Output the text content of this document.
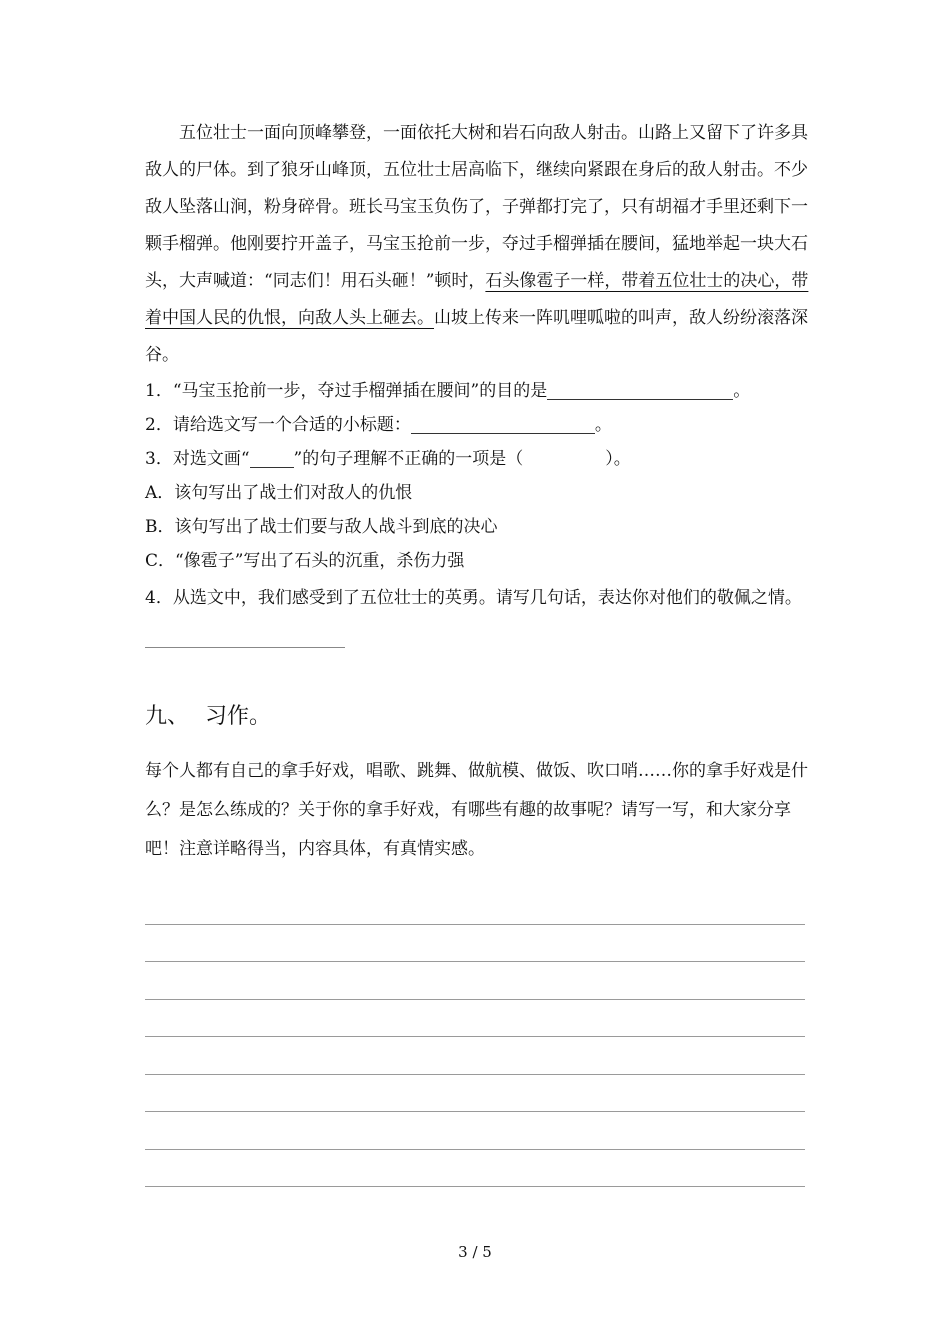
五位壮士一面向顶峰攀登，一面依托大树和岩石向敌人射击。山路上又留下了许多具敌人的尸体。到了狼牙山峰顶，五位壮士居高临下，继续向紧跟在身后的敌人射击。不少敌人坠落山涧，粉身碎骨。班长马宝玉负伤了，子弹都打完了，只有胡福才手里还剩下一颗手榴弹。他刚要拧开盖子，马宝玉抢前一步，夺过手榴弹插在腰间，猛地举起一块大石头，大声喊道：“同志们！用石头砸！”顿时，石头像雹子一样，带着五位壮士的决心，带着中国人民的仇恨，向敌人头上砸去。山坡上传来一阵叽哩呱啦的叫声，敌人纷纷滚落深谷。

1．“马宝玉抢前一步，夺过手榴弹插在腰间”的目的是	。

2．请给选文写一个合适的小标题：	。

3．对选文画“	”的句子理解不正确的一项是（	）。

A．该句写出了战士们对敌人的仇恨

B．该句写出了战士们要与敌人战斗到底的决心

C．“像雹子”写出了石头的沉重，杀伤力强

4．从选文中，我们感受到了五位壮士的英勇。请写几句话，表达你对他们的敬佩之情。

九、 习作。

每个人都有自己的拿手好戏，唱歌、跳舞、做航模、做饭、吹口哨……你的拿手好戏是什么？是怎么练成的？关于你的拿手好戏，有哪些有趣的故事呢？请写一写，和大家分享吧！注意详略得当，内容具体，有真情实感。

3 / 5
